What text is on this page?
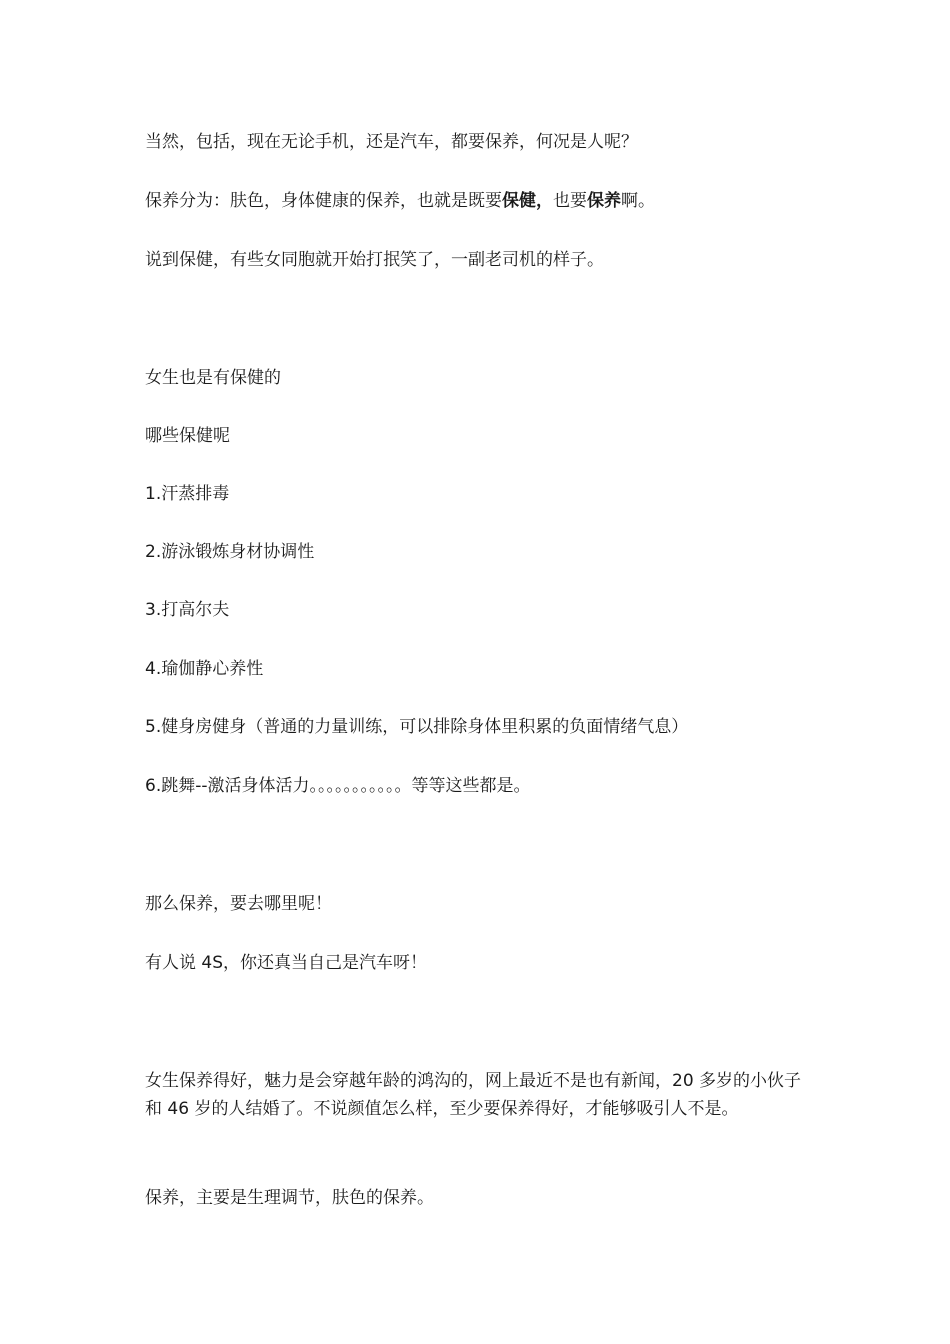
当然，包括，现在无论手机，还是汽车，都要保养，何况是人呢？

保养分为：肤色，身体健康的保养，也就是既要保健，也要保养啊。

说到保健，有些女同胞就开始打抿笑了，一副老司机的样子。

女生也是有保健的

哪些保健呢

1.汗蒸排毒

2.游泳锻炼身材协调性

3.打高尔夫

4.瑜伽静心养性

5.健身房健身（普通的力量训练，可以排除身体里积累的负面情绪气息）

6.跳舞--激活身体活力。。。。。。。。。。。等等这些都是。

那么保养，要去哪里呢！

有人说 4S，你还真当自己是汽车呀！

女生保养得好，魅力是会穿越年龄的鸿沟的，网上最近不是也有新闻，20 多岁的小伙子和 46 岁的人结婚了。不说颜值怎么样，至少要保养得好，才能够吸引人不是。

保养，主要是生理调节，肤色的保养。
